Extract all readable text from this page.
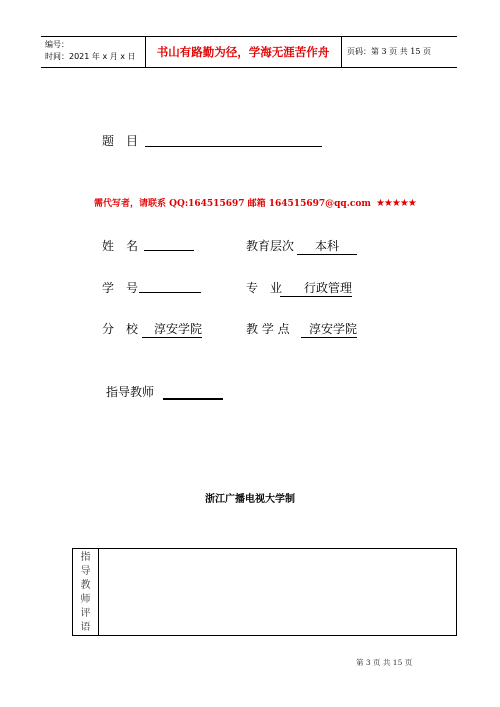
编号：
时间：2021 年 x 月 x 日	书山有路勤为径，学海无涯苦作舟	页码：第 3 页 共 15 页
题　目
需代写者，请联系 QQ:164515697 邮箱 164515697@qq.com ★★★★★
姓　名	教育层次	本科
学　号	专　业	行政管理
分　校	淳安学院	教 学 点	淳安学院
指导教师
浙江广播电视大学制
指
导
教
师
评
语
第 3 页 共 15 页
